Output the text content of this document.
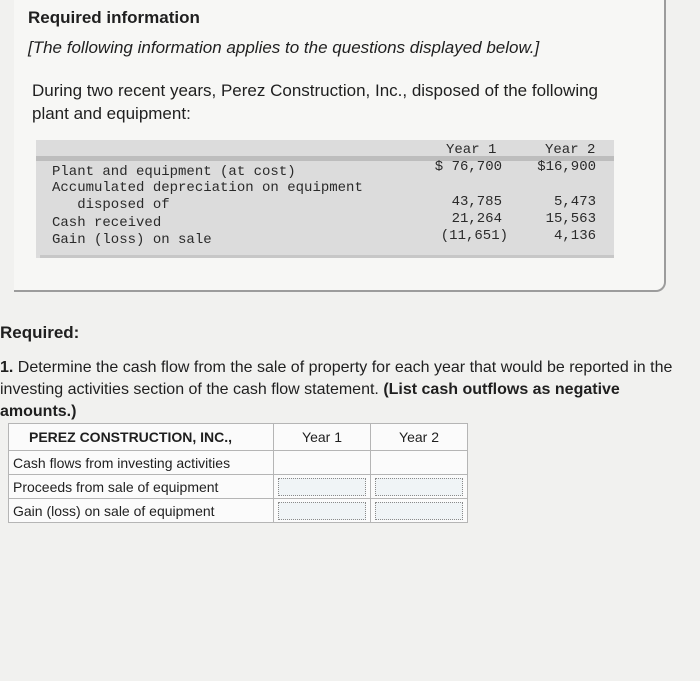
Required information
[The following information applies to the questions displayed below.]
During two recent years, Perez Construction, Inc., disposed of the following plant and equipment:
Year 1	Year 2
Plant and equipment (at cost)	$ 76,700	$16,900
Accumulated depreciation on equipment
disposed of	43,785	5,473
Cash received	21,264	15,563
Gain (loss) on sale	(11,651)	4,136
Required:

1. Determine the cash flow from the sale of property for each year that would be reported in the investing activities section of the cash flow statement. (List cash outflows as negative amounts.)
PEREZ CONSTRUCTION, INC.,	Year 1	Year 2
Cash flows from investing activities		
Proceeds from sale of equipment		
Gain (loss) on sale of equipment		
